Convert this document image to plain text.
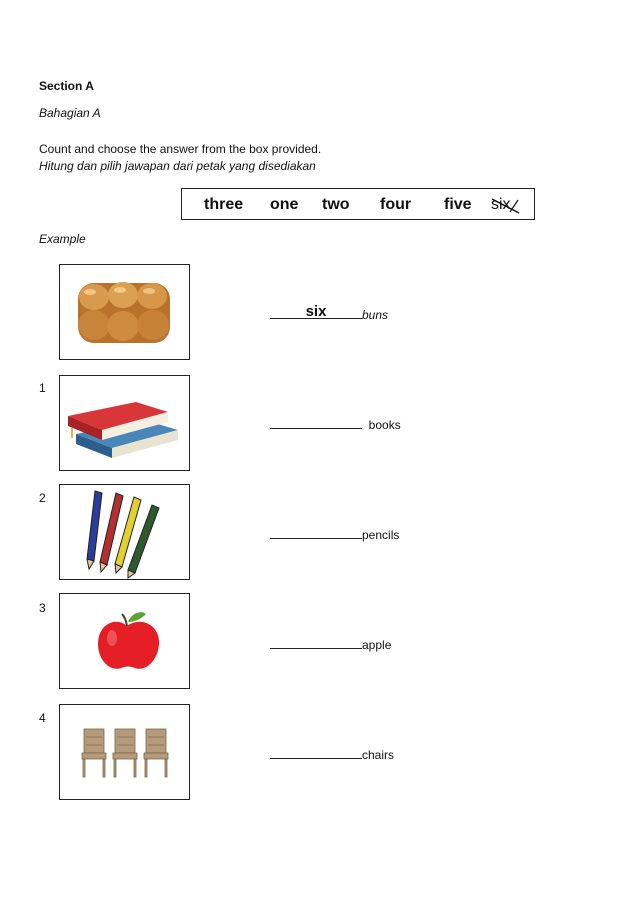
Section A
Bahagian A
Count and choose the answer from the box provided.
Hitung dan pilih jawapan dari petak yang disediakan
three one two four five six
Example
six	buns
1
books
2
pencils
3
apple
4
chairs
